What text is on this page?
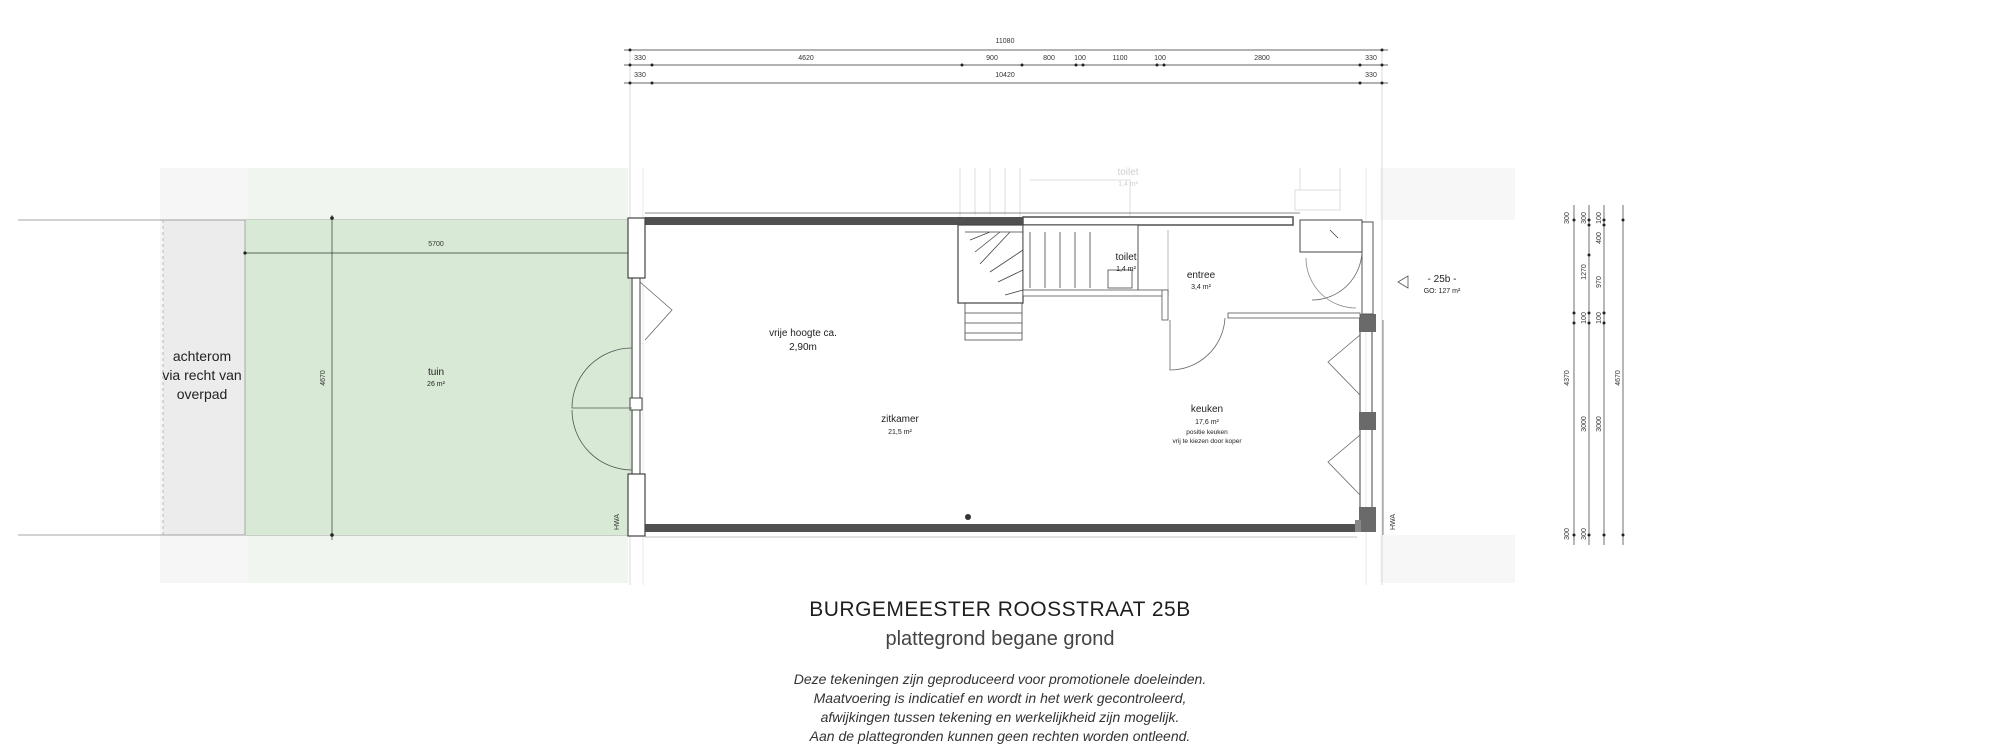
11080
330	4620	900	800	100	1100	100	2800	330
330	10420	330
5700
4670
300
1270
100
3000
300
300
400
970
100
3000
300
100
4370	4670
HWA	HWA
achterom
via recht van
overpad
tuin
26 m²
vrije hoogte ca.
2,90m
zitkamer
21,5 m²
keuken
17,6 m²
positie keuken
vrij te kiezen door koper
toilet
1,4 m²
toilet
1,4 m²
entree
3,4 m²
- 25b -
GO: 127 m²
BURGEMEESTER ROOSSTRAAT 25B
plattegrond begane grond
Deze tekeningen zijn geproduceerd voor promotionele doeleinden.
Maatvoering is indicatief en wordt in het werk gecontroleerd,
afwijkingen tussen tekening en werkelijkheid zijn mogelijk.
Aan de plattegronden kunnen geen rechten worden ontleend.
